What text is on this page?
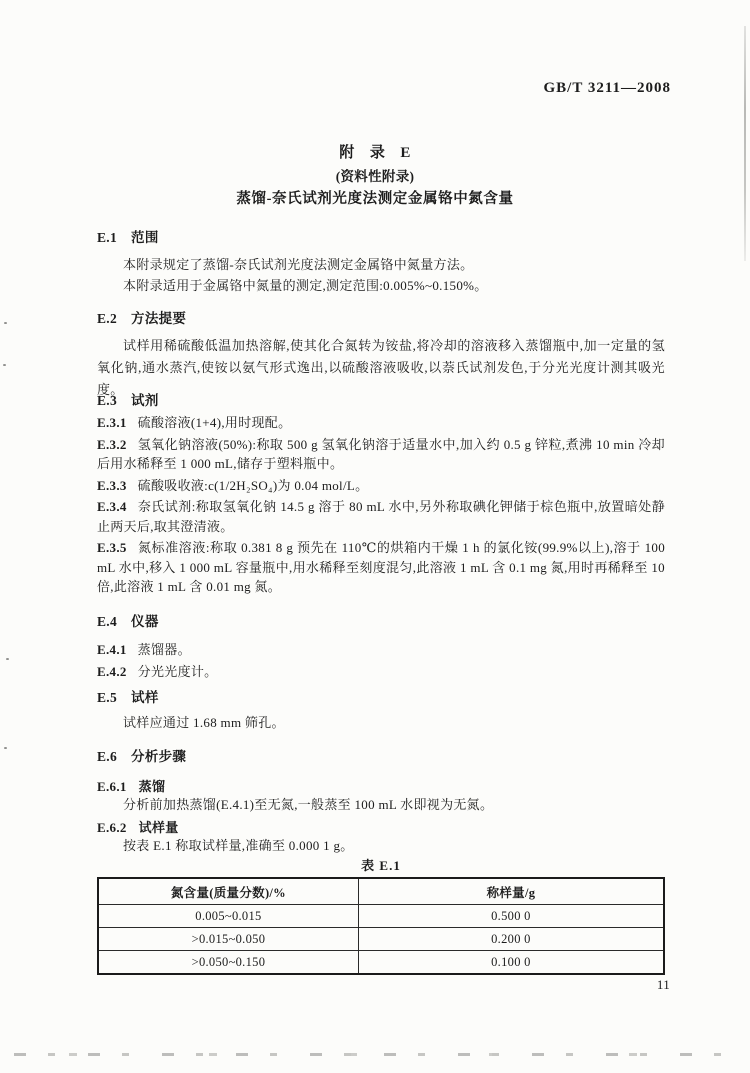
GB/T 3211—2008
附　录　E
(资料性附录)
蒸馏-奈氏试剂光度法测定金属铬中氮含量
E.1 范围

本附录规定了蒸馏-奈氏试剂光度法测定金属铬中氮量方法。

本附录适用于金属铬中氮量的测定,测定范围:0.005%~0.150%。

E.2 方法提要

试样用稀硫酸低温加热溶解,使其化合氮转为铵盐,将冷却的溶液移入蒸馏瓶中,加一定量的氢氧化钠,通水蒸汽,使铵以氨气形式逸出,以硫酸溶液吸收,以萘氏试剂发色,于分光光度计测其吸光度。

E.3 试剂

E.3.1 硫酸溶液(1+4),用时现配。

E.3.2 氢氧化钠溶液(50%):称取 500 g 氢氧化钠溶于适量水中,加入约 0.5 g 锌粒,煮沸 10 min 冷却后用水稀释至 1 000 mL,储存于塑料瓶中。

E.3.3 硫酸吸收液:c(1/2H₂SO₄)为 0.04 mol/L。

E.3.4 奈氏试剂:称取氢氧化钠 14.5 g 溶于 80 mL 水中,另外称取碘化钾储于棕色瓶中,放置暗处静止两天后,取其澄清液。

E.3.5 氮标准溶液:称取 0.381 8 g 预先在 110℃的烘箱内干燥 1 h 的氯化铵(99.9%以上),溶于 100 mL 水中,移入 1 000 mL 容量瓶中,用水稀释至刻度混匀,此溶液 1 mL 含 0.1 mg 氮,用时再稀释至 10 倍,此溶液 1 mL 含 0.01 mg 氮。

E.4 仪器

E.4.1 蒸馏器。

E.4.2 分光光度计。

E.5 试样

试样应通过 1.68 mm 筛孔。

E.6 分析步骤

E.6.1 蒸馏

分析前加热蒸馏(E.4.1)至无氮,一般蒸至 100 mL 水即视为无氮。

E.6.2 试样量

按表 E.1 称取试样量,准确至 0.000 1 g。

表 E.1
氮含量(质量分数)/%	称样量/g
0.005~0.015	0.500 0
>0.015~0.050	0.200 0
>0.050~0.150	0.100 0
11
